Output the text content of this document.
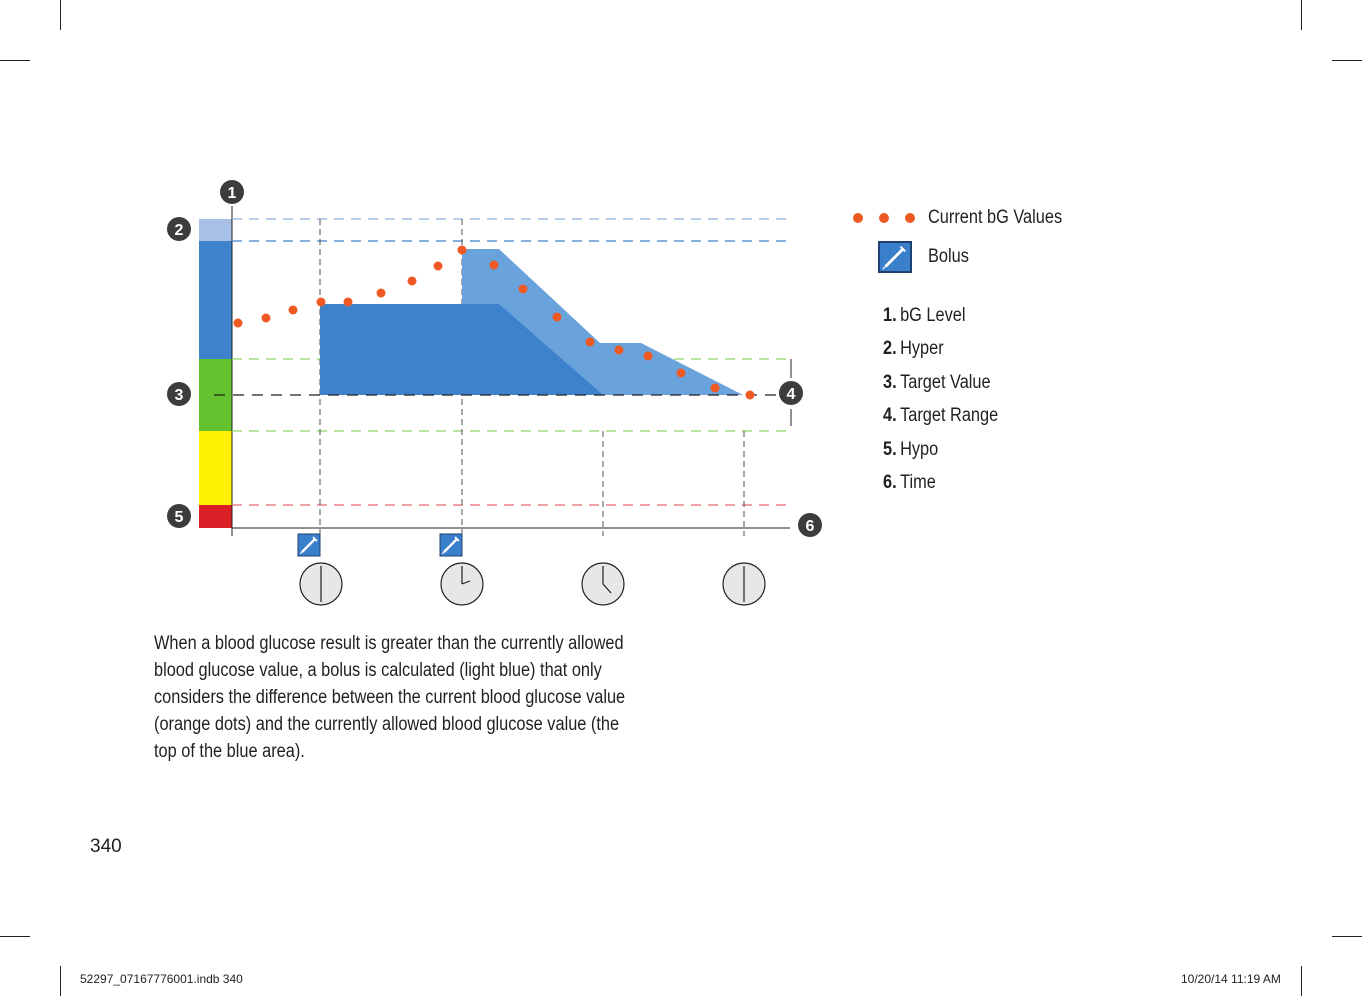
1
2
3	4
5
6
Current bG Values
Bolus
1. bG Level
2. Hyper
3. Target Value
4. Target Range
5. Hypo
6. Time
When a blood glucose result is greater than the currently allowed
blood glucose value, a bolus is calculated (light blue) that only
considers the difference between the current blood glucose value
(orange dots) and the currently allowed blood glucose value (the
top of the blue area).
340
52297_07167776001.indb 340	10/20/14 11:19 AM
